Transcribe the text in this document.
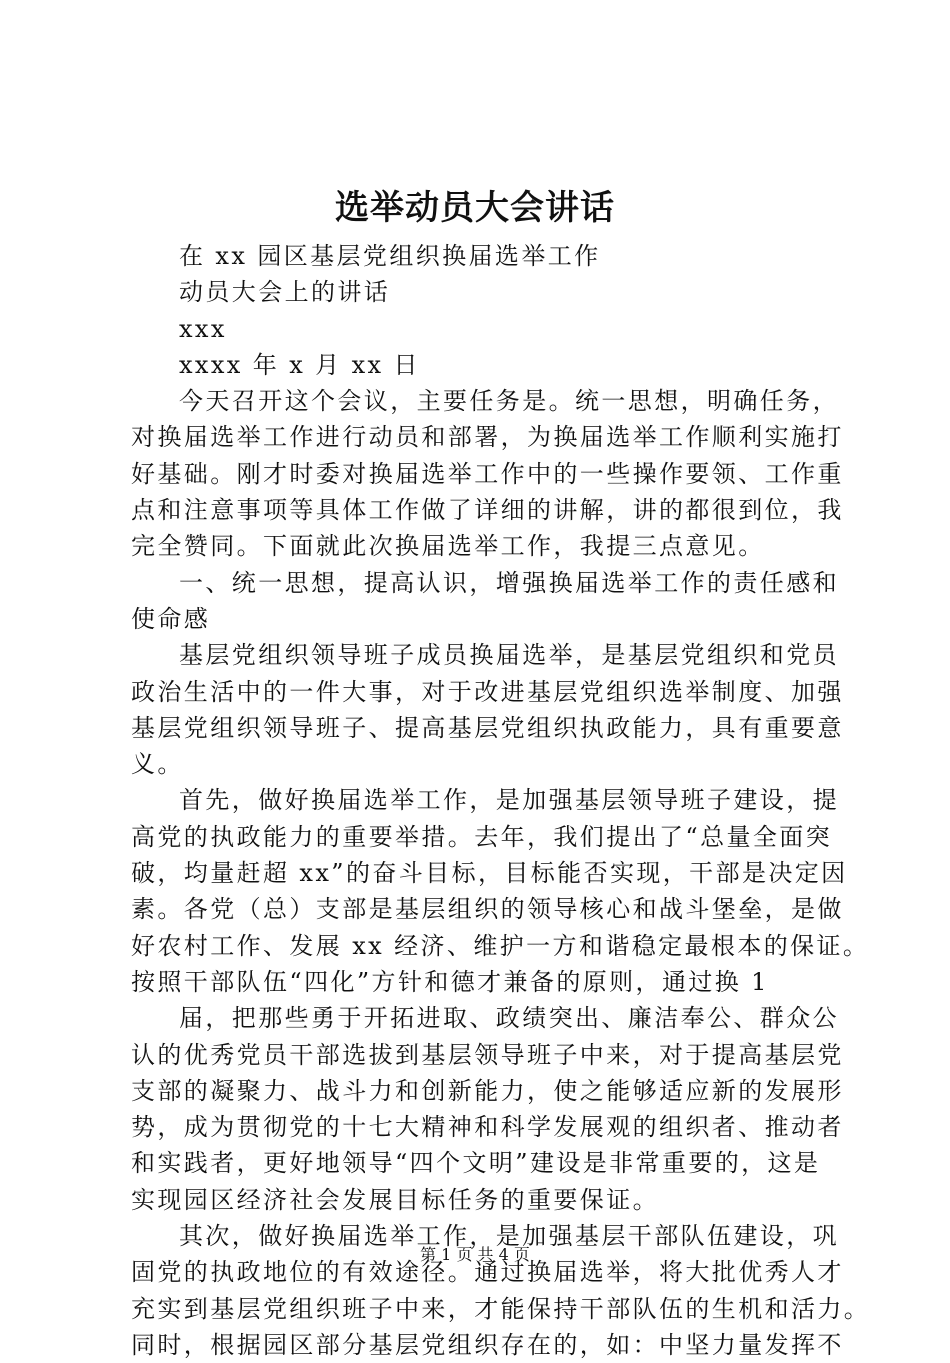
选举动员大会讲话
在 xx 园区基层党组织换届选举工作
动员大会上的讲话
xxx
xxxx 年 x 月 xx 日
今天召开这个会议，主要任务是。统一思想，明确任务，
对换届选举工作进行动员和部署，为换届选举工作顺利实施打
好基础。刚才时委对换届选举工作中的一些操作要领、工作重
点和注意事项等具体工作做了详细的讲解，讲的都很到位，我
完全赞同。下面就此次换届选举工作，我提三点意见。
一、统一思想，提高认识，增强换届选举工作的责任感和
使命感
基层党组织领导班子成员换届选举，是基层党组织和党员
政治生活中的一件大事，对于改进基层党组织选举制度、加强
基层党组织领导班子、提高基层党组织执政能力，具有重要意
义。
首先，做好换届选举工作，是加强基层领导班子建设，提
高党的执政能力的重要举措。去年，我们提出了“总量全面突
破，均量赶超 xx”的奋斗目标，目标能否实现，干部是决定因
素。各党（总）支部是基层组织的领导核心和战斗堡垒，是做
好农村工作、发展 xx 经济、维护一方和谐稳定最根本的保证。
按照干部队伍“四化”方针和德才兼备的原则，通过换 1
届，把那些勇于开拓进取、政绩突出、廉洁奉公、群众公
认的优秀党员干部选拔到基层领导班子中来，对于提高基层党
支部的凝聚力、战斗力和创新能力，使之能够适应新的发展形
势，成为贯彻党的十七大精神和科学发展观的组织者、推动者
和实践者，更好地领导“四个文明”建设是非常重要的，这是
实现园区经济社会发展目标任务的重要保证。
其次，做好换届选举工作，是加强基层干部队伍建设，巩
固党的执政地位的有效途径。通过换届选举，将大批优秀人才
充实到基层党组织班子中来，才能保持干部队伍的生机和活力。
同时，根据园区部分基层党组织存在的，如：中坚力量发挥不
第 1 页 共 4 页
